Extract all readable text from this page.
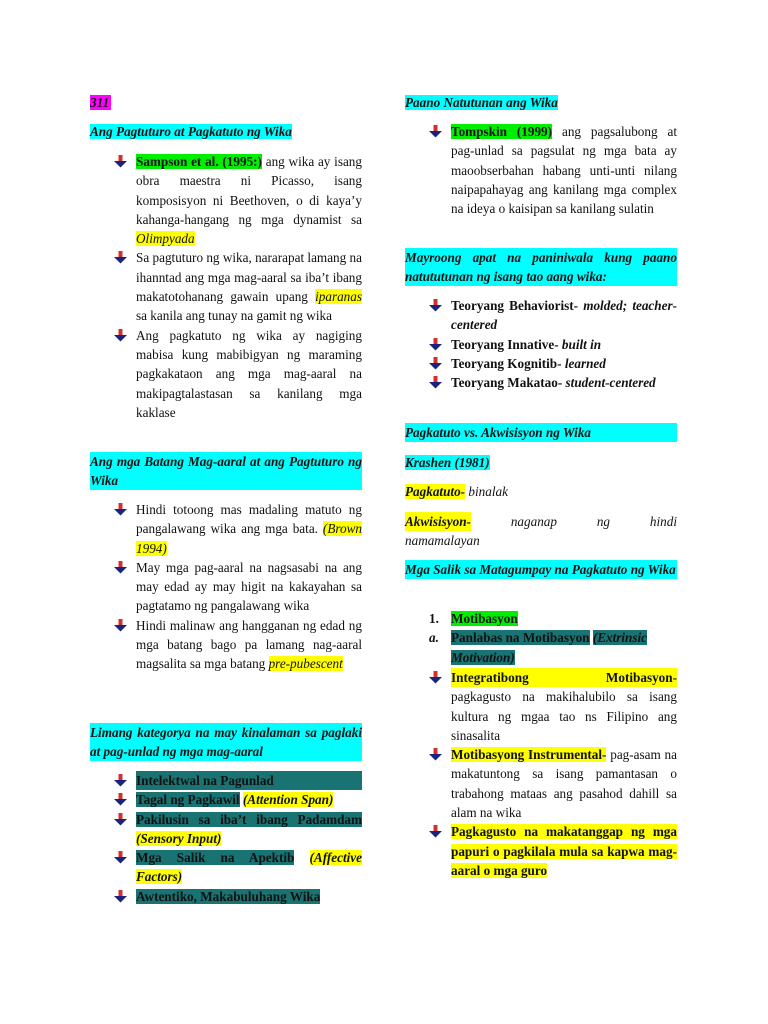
311
Ang Pagtuturo at Pagkatuto ng Wika
Sampson et al. (1995:) ang wika ay isang obra maestra ni Picasso, isang komposisyon ni Beethoven, o di kaya’y kahanga-hangang ng mga dynamist sa Olimpyada
Sa pagtuturo ng wika, nararapat lamang na ihanntad ang mga mag-aaral sa iba’t ibang makatotohanang gawain upang iparanas sa kanila ang tunay na gamit ng wika
Ang pagkatuto ng wika ay nagiging mabisa kung mabibigyan ng maraming pagkakataon ang mga mag-aaral na makipagtalastasan sa kanilang mga kaklase
Ang mga Batang Mag-aaral at ang Pagtuturo ng Wika
Hindi totoong mas madaling matuto ng pangalawang wika ang mga bata. (Brown 1994)
May mga pag-aaral na nagsasabi na ang may edad ay may higit na kakayahan sa pagtatamo ng pangalawang wika
Hindi malinaw ang hangganan ng edad ng mga batang bago pa lamang nag-aaral magsalita sa mga batang pre-pubescent
Limang kategorya na may kinalaman sa paglaki at pag-unlad ng mga mag-aaral
Intelektwal na Pagunlad
Tagal ng Pagkawil (Attention Span)
Pakilusin sa iba’t ibang Padamdam (Sensory Input)
Mga Salik na Apektib (Affective Factors)
Awtentiko, Makabuluhang Wika
Paano Natutunan ang Wika
Tompskin (1999) ang pagsalubong at pag-unlad sa pagsulat ng mga bata ay maoobserbahan habang unti-unti nilang naipapahayag ang kanilang mga complex na ideya o kaisipan sa kanilang sulatin
Mayroong apat na paniniwala kung paano natututunan ng isang tao aang wika:
Teoryang Behaviorist- molded; teacher-centered
Teoryang Innative- built in
Teoryang Kognitib- learned
Teoryang Makatao- student-centered
Pagkatuto vs. Akwisisyon ng Wika
Krashen (1981)
Pagkatuto- binalak
Akwisisyon-	naganap	ng	hindi
namamalayan
Mga Salik sa Matagumpay na Pagkatuto ng Wika
1. Motibasyon
a. Panlabas na Motibasyon (Extrinsic Motivation)
Integratibong Motibasyon-
pagkagusto na makihalubilo sa isang kultura ng mgaa tao ns Filipino ang sinasalita
Motibasyong Instrumental- pag-asam na makatuntong sa isang pamantasan o trabahong mataas ang pasahod dahill sa alam na wika
Pagkagusto na makatanggap ng mga papuri o pagkilala mula sa kapwa mag-aaral o mga guro
